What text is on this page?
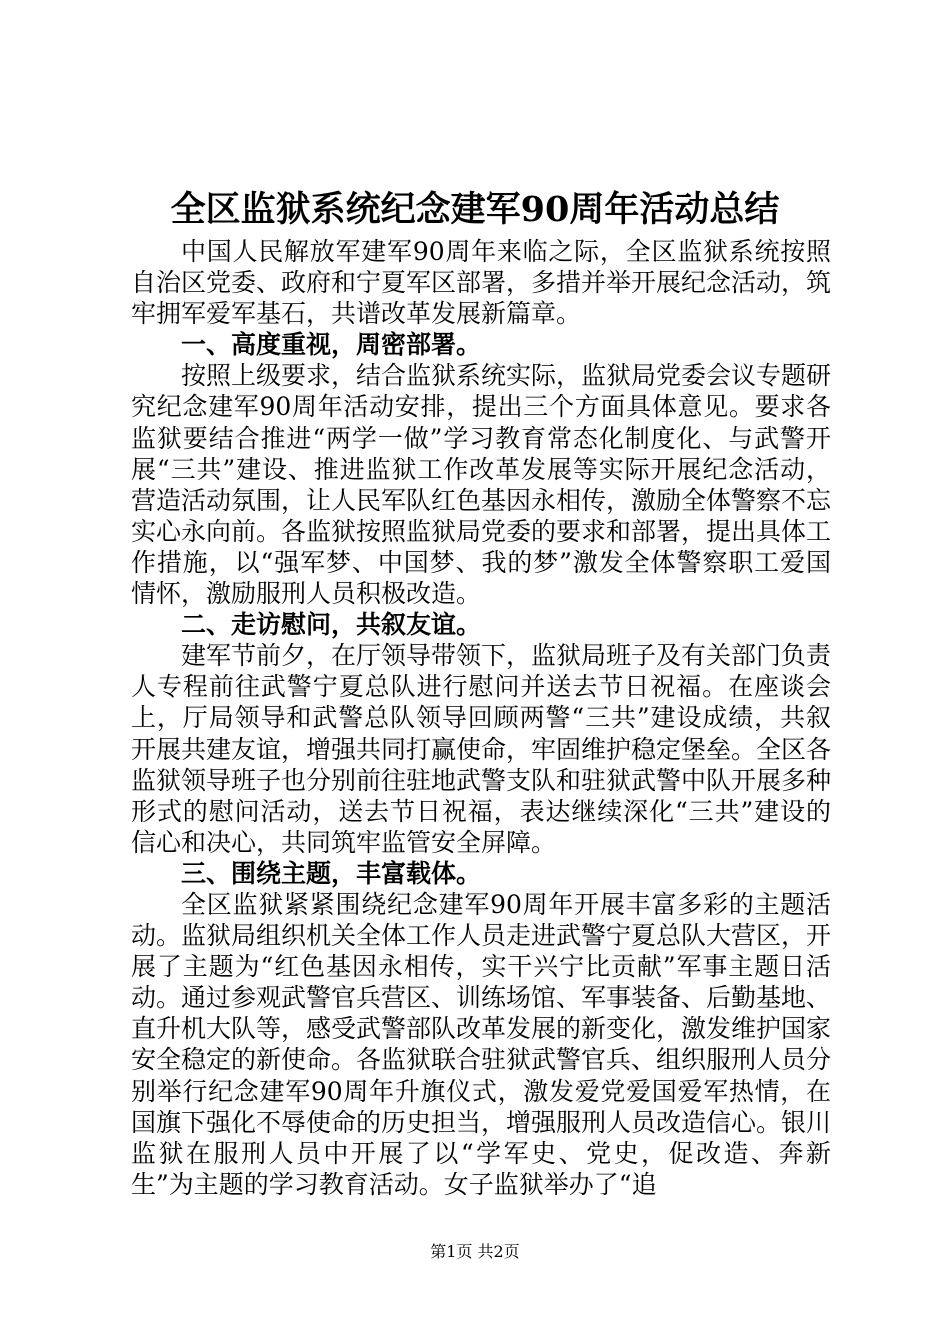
全区监狱系统纪念建军90周年活动总结

中国人民解放军建军90周年来临之际，全区监狱系统按照自治区党委、政府和宁夏军区部署，多措并举开展纪念活动，筑牢拥军爱军基石，共谱改革发展新篇章。

一、高度重视，周密部署。

按照上级要求，结合监狱系统实际，监狱局党委会议专题研究纪念建军90周年活动安排，提出三个方面具体意见。要求各监狱要结合推进“两学一做”学习教育常态化制度化、与武警开展“三共”建设、推进监狱工作改革发展等实际开展纪念活动，营造活动氛围，让人民军队红色基因永相传，激励全体警察不忘实心永向前。各监狱按照监狱局党委的要求和部署，提出具体工作措施，以“强军梦、中国梦、我的梦”激发全体警察职工爱国情怀，激励服刑人员积极改造。

二、走访慰问，共叙友谊。

建军节前夕，在厅领导带领下，监狱局班子及有关部门负责人专程前往武警宁夏总队进行慰问并送去节日祝福。在座谈会上，厅局领导和武警总队领导回顾两警“三共”建设成绩，共叙开展共建友谊，增强共同打赢使命，牢固维护稳定堡垒。全区各监狱领导班子也分别前往驻地武警支队和驻狱武警中队开展多种形式的慰问活动，送去节日祝福，表达继续深化“三共”建设的信心和决心，共同筑牢监管安全屏障。

三、围绕主题，丰富载体。

全区监狱紧紧围绕纪念建军90周年开展丰富多彩的主题活动。监狱局组织机关全体工作人员走进武警宁夏总队大营区，开展了主题为“红色基因永相传，实干兴宁比贡献”军事主题日活动。通过参观武警官兵营区、训练场馆、军事装备、后勤基地、直升机大队等，感受武警部队改革发展的新变化，激发维护国家安全稳定的新使命。各监狱联合驻狱武警官兵、组织服刑人员分别举行纪念建军90周年升旗仪式，激发爱党爱国爱军热情，在国旗下强化不辱使命的历史担当，增强服刑人员改造信心。银川监狱在服刑人员中开展了以“学军史、党史，促改造、奔新生”为主题的学习教育活动。女子监狱举办了“追

第1页 共2页
